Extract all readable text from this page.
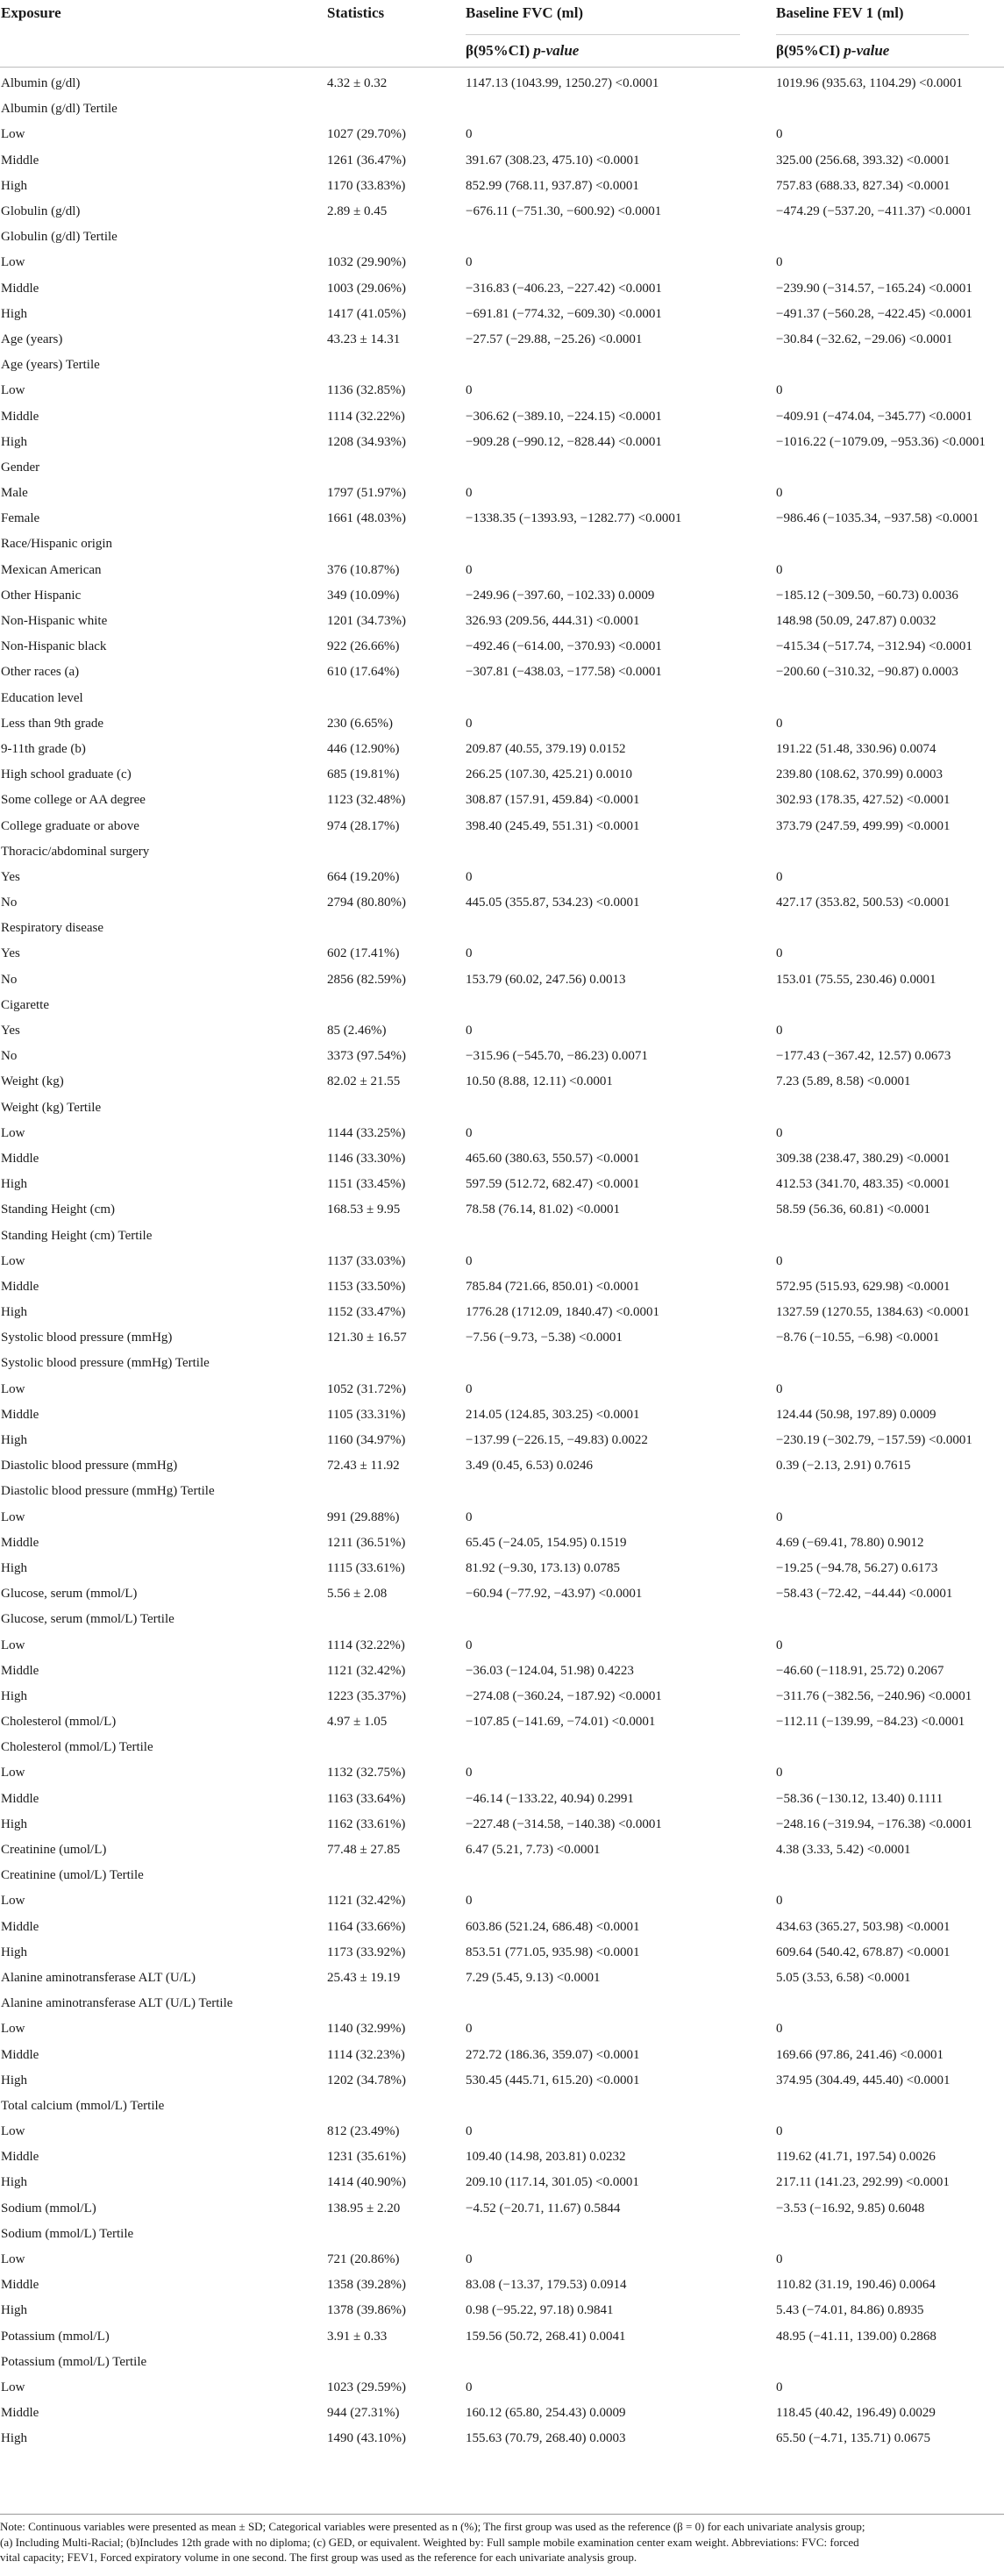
Exposure	Statistics	Baseline FVC (ml)	Baseline FEV 1 (ml)

		β(95%CI) p-value	β(95%CI) p-value

Albumin (g/dl)	4.32 ± 0.32	1147.13 (1043.99, 1250.27) <0.0001	1019.96 (935.63, 1104.29) <0.0001
Albumin (g/dl) Tertile			
Low	1027 (29.70%)	0	0
Middle	1261 (36.47%)	391.67 (308.23, 475.10) <0.0001	325.00 (256.68, 393.32) <0.0001
High	1170 (33.83%)	852.99 (768.11, 937.87) <0.0001	757.83 (688.33, 827.34) <0.0001
Globulin (g/dl)	2.89 ± 0.45	−676.11 (−751.30, −600.92) <0.0001	−474.29 (−537.20, −411.37) <0.0001
Globulin (g/dl) Tertile			
Low	1032 (29.90%)	0	0
Middle	1003 (29.06%)	−316.83 (−406.23, −227.42) <0.0001	−239.90 (−314.57, −165.24) <0.0001
High	1417 (41.05%)	−691.81 (−774.32, −609.30) <0.0001	−491.37 (−560.28, −422.45) <0.0001
Age (years)	43.23 ± 14.31	−27.57 (−29.88, −25.26) <0.0001	−30.84 (−32.62, −29.06) <0.0001
Age (years) Tertile			
Low	1136 (32.85%)	0	0
Middle	1114 (32.22%)	−306.62 (−389.10, −224.15) <0.0001	−409.91 (−474.04, −345.77) <0.0001
High	1208 (34.93%)	−909.28 (−990.12, −828.44) <0.0001	−1016.22 (−1079.09, −953.36) <0.0001
Gender			
Male	1797 (51.97%)	0	0
Female	1661 (48.03%)	−1338.35 (−1393.93, −1282.77) <0.0001	−986.46 (−1035.34, −937.58) <0.0001
Race/Hispanic origin			
Mexican American	376 (10.87%)	0	0
Other Hispanic	349 (10.09%)	−249.96 (−397.60, −102.33) 0.0009	−185.12 (−309.50, −60.73) 0.0036
Non-Hispanic white	1201 (34.73%)	326.93 (209.56, 444.31) <0.0001	148.98 (50.09, 247.87) 0.0032
Non-Hispanic black	922 (26.66%)	−492.46 (−614.00, −370.93) <0.0001	−415.34 (−517.74, −312.94) <0.0001
Other races (a)	610 (17.64%)	−307.81 (−438.03, −177.58) <0.0001	−200.60 (−310.32, −90.87) 0.0003
Education level			
Less than 9th grade	230 (6.65%)	0	0
9-11th grade (b)	446 (12.90%)	209.87 (40.55, 379.19) 0.0152	191.22 (51.48, 330.96) 0.0074
High school graduate (c)	685 (19.81%)	266.25 (107.30, 425.21) 0.0010	239.80 (108.62, 370.99) 0.0003
Some college or AA degree	1123 (32.48%)	308.87 (157.91, 459.84) <0.0001	302.93 (178.35, 427.52) <0.0001
College graduate or above	974 (28.17%)	398.40 (245.49, 551.31) <0.0001	373.79 (247.59, 499.99) <0.0001
Thoracic/abdominal surgery			
Yes	664 (19.20%)	0	0
No	2794 (80.80%)	445.05 (355.87, 534.23) <0.0001	427.17 (353.82, 500.53) <0.0001
Respiratory disease			
Yes	602 (17.41%)	0	0
No	2856 (82.59%)	153.79 (60.02, 247.56) 0.0013	153.01 (75.55, 230.46) 0.0001
Cigarette			
Yes	85 (2.46%)	0	0
No	3373 (97.54%)	−315.96 (−545.70, −86.23) 0.0071	−177.43 (−367.42, 12.57) 0.0673
Weight (kg)	82.02 ± 21.55	10.50 (8.88, 12.11) <0.0001	7.23 (5.89, 8.58) <0.0001
Weight (kg) Tertile			
Low	1144 (33.25%)	0	0
Middle	1146 (33.30%)	465.60 (380.63, 550.57) <0.0001	309.38 (238.47, 380.29) <0.0001
High	1151 (33.45%)	597.59 (512.72, 682.47) <0.0001	412.53 (341.70, 483.35) <0.0001
Standing Height (cm)	168.53 ± 9.95	78.58 (76.14, 81.02) <0.0001	58.59 (56.36, 60.81) <0.0001
Standing Height (cm) Tertile			
Low	1137 (33.03%)	0	0
Middle	1153 (33.50%)	785.84 (721.66, 850.01) <0.0001	572.95 (515.93, 629.98) <0.0001
High	1152 (33.47%)	1776.28 (1712.09, 1840.47) <0.0001	1327.59 (1270.55, 1384.63) <0.0001
Systolic blood pressure (mmHg)	121.30 ± 16.57	−7.56 (−9.73, −5.38) <0.0001	−8.76 (−10.55, −6.98) <0.0001
Systolic blood pressure (mmHg) Tertile			
Low	1052 (31.72%)	0	0
Middle	1105 (33.31%)	214.05 (124.85, 303.25) <0.0001	124.44 (50.98, 197.89) 0.0009
High	1160 (34.97%)	−137.99 (−226.15, −49.83) 0.0022	−230.19 (−302.79, −157.59) <0.0001
Diastolic blood pressure (mmHg)	72.43 ± 11.92	3.49 (0.45, 6.53) 0.0246	0.39 (−2.13, 2.91) 0.7615
Diastolic blood pressure (mmHg) Tertile			
Low	991 (29.88%)	0	0
Middle	1211 (36.51%)	65.45 (−24.05, 154.95) 0.1519	4.69 (−69.41, 78.80) 0.9012
High	1115 (33.61%)	81.92 (−9.30, 173.13) 0.0785	−19.25 (−94.78, 56.27) 0.6173
Glucose, serum (mmol/L)	5.56 ± 2.08	−60.94 (−77.92, −43.97) <0.0001	−58.43 (−72.42, −44.44) <0.0001
Glucose, serum (mmol/L) Tertile			
Low	1114 (32.22%)	0	0
Middle	1121 (32.42%)	−36.03 (−124.04, 51.98) 0.4223	−46.60 (−118.91, 25.72) 0.2067
High	1223 (35.37%)	−274.08 (−360.24, −187.92) <0.0001	−311.76 (−382.56, −240.96) <0.0001
Cholesterol (mmol/L)	4.97 ± 1.05	−107.85 (−141.69, −74.01) <0.0001	−112.11 (−139.99, −84.23) <0.0001
Cholesterol (mmol/L) Tertile			
Low	1132 (32.75%)	0	0
Middle	1163 (33.64%)	−46.14 (−133.22, 40.94) 0.2991	−58.36 (−130.12, 13.40) 0.1111
High	1162 (33.61%)	−227.48 (−314.58, −140.38) <0.0001	−248.16 (−319.94, −176.38) <0.0001
Creatinine (umol/L)	77.48 ± 27.85	6.47 (5.21, 7.73) <0.0001	4.38 (3.33, 5.42) <0.0001
Creatinine (umol/L) Tertile			
Low	1121 (32.42%)	0	0
Middle	1164 (33.66%)	603.86 (521.24, 686.48) <0.0001	434.63 (365.27, 503.98) <0.0001
High	1173 (33.92%)	853.51 (771.05, 935.98) <0.0001	609.64 (540.42, 678.87) <0.0001
Alanine aminotransferase ALT (U/L)	25.43 ± 19.19	7.29 (5.45, 9.13) <0.0001	5.05 (3.53, 6.58) <0.0001
Alanine aminotransferase ALT (U/L) Tertile			
Low	1140 (32.99%)	0	0
Middle	1114 (32.23%)	272.72 (186.36, 359.07) <0.0001	169.66 (97.86, 241.46) <0.0001
High	1202 (34.78%)	530.45 (445.71, 615.20) <0.0001	374.95 (304.49, 445.40) <0.0001
Total calcium (mmol/L) Tertile			
Low	812 (23.49%)	0	0
Middle	1231 (35.61%)	109.40 (14.98, 203.81) 0.0232	119.62 (41.71, 197.54) 0.0026
High	1414 (40.90%)	209.10 (117.14, 301.05) <0.0001	217.11 (141.23, 292.99) <0.0001
Sodium (mmol/L)	138.95 ± 2.20	−4.52 (−20.71, 11.67) 0.5844	−3.53 (−16.92, 9.85) 0.6048
Sodium (mmol/L) Tertile			
Low	721 (20.86%)	0	0
Middle	1358 (39.28%)	83.08 (−13.37, 179.53) 0.0914	110.82 (31.19, 190.46) 0.0064
High	1378 (39.86%)	0.98 (−95.22, 97.18) 0.9841	5.43 (−74.01, 84.86) 0.8935
Potassium (mmol/L)	3.91 ± 0.33	159.56 (50.72, 268.41) 0.0041	48.95 (−41.11, 139.00) 0.2868
Potassium (mmol/L) Tertile			
Low	1023 (29.59%)	0	0
Middle	944 (27.31%)	160.12 (65.80, 254.43) 0.0009	118.45 (40.42, 196.49) 0.0029
High	1490 (43.10%)	155.63 (70.79, 268.40) 0.0003	65.50 (−4.71, 135.71) 0.0675
Note: Continuous variables were presented as mean ± SD; Categorical variables were presented as n (%); The first group was used as the reference (β = 0) for each univariate analysis group;
(a) Including Multi-Racial; (b)Includes 12th grade with no diploma; (c) GED, or equivalent. Weighted by: Full sample mobile examination center exam weight. Abbreviations: FVC: forced
vital capacity; FEV1, Forced expiratory volume in one second. The first group was used as the reference for each univariate analysis group.
